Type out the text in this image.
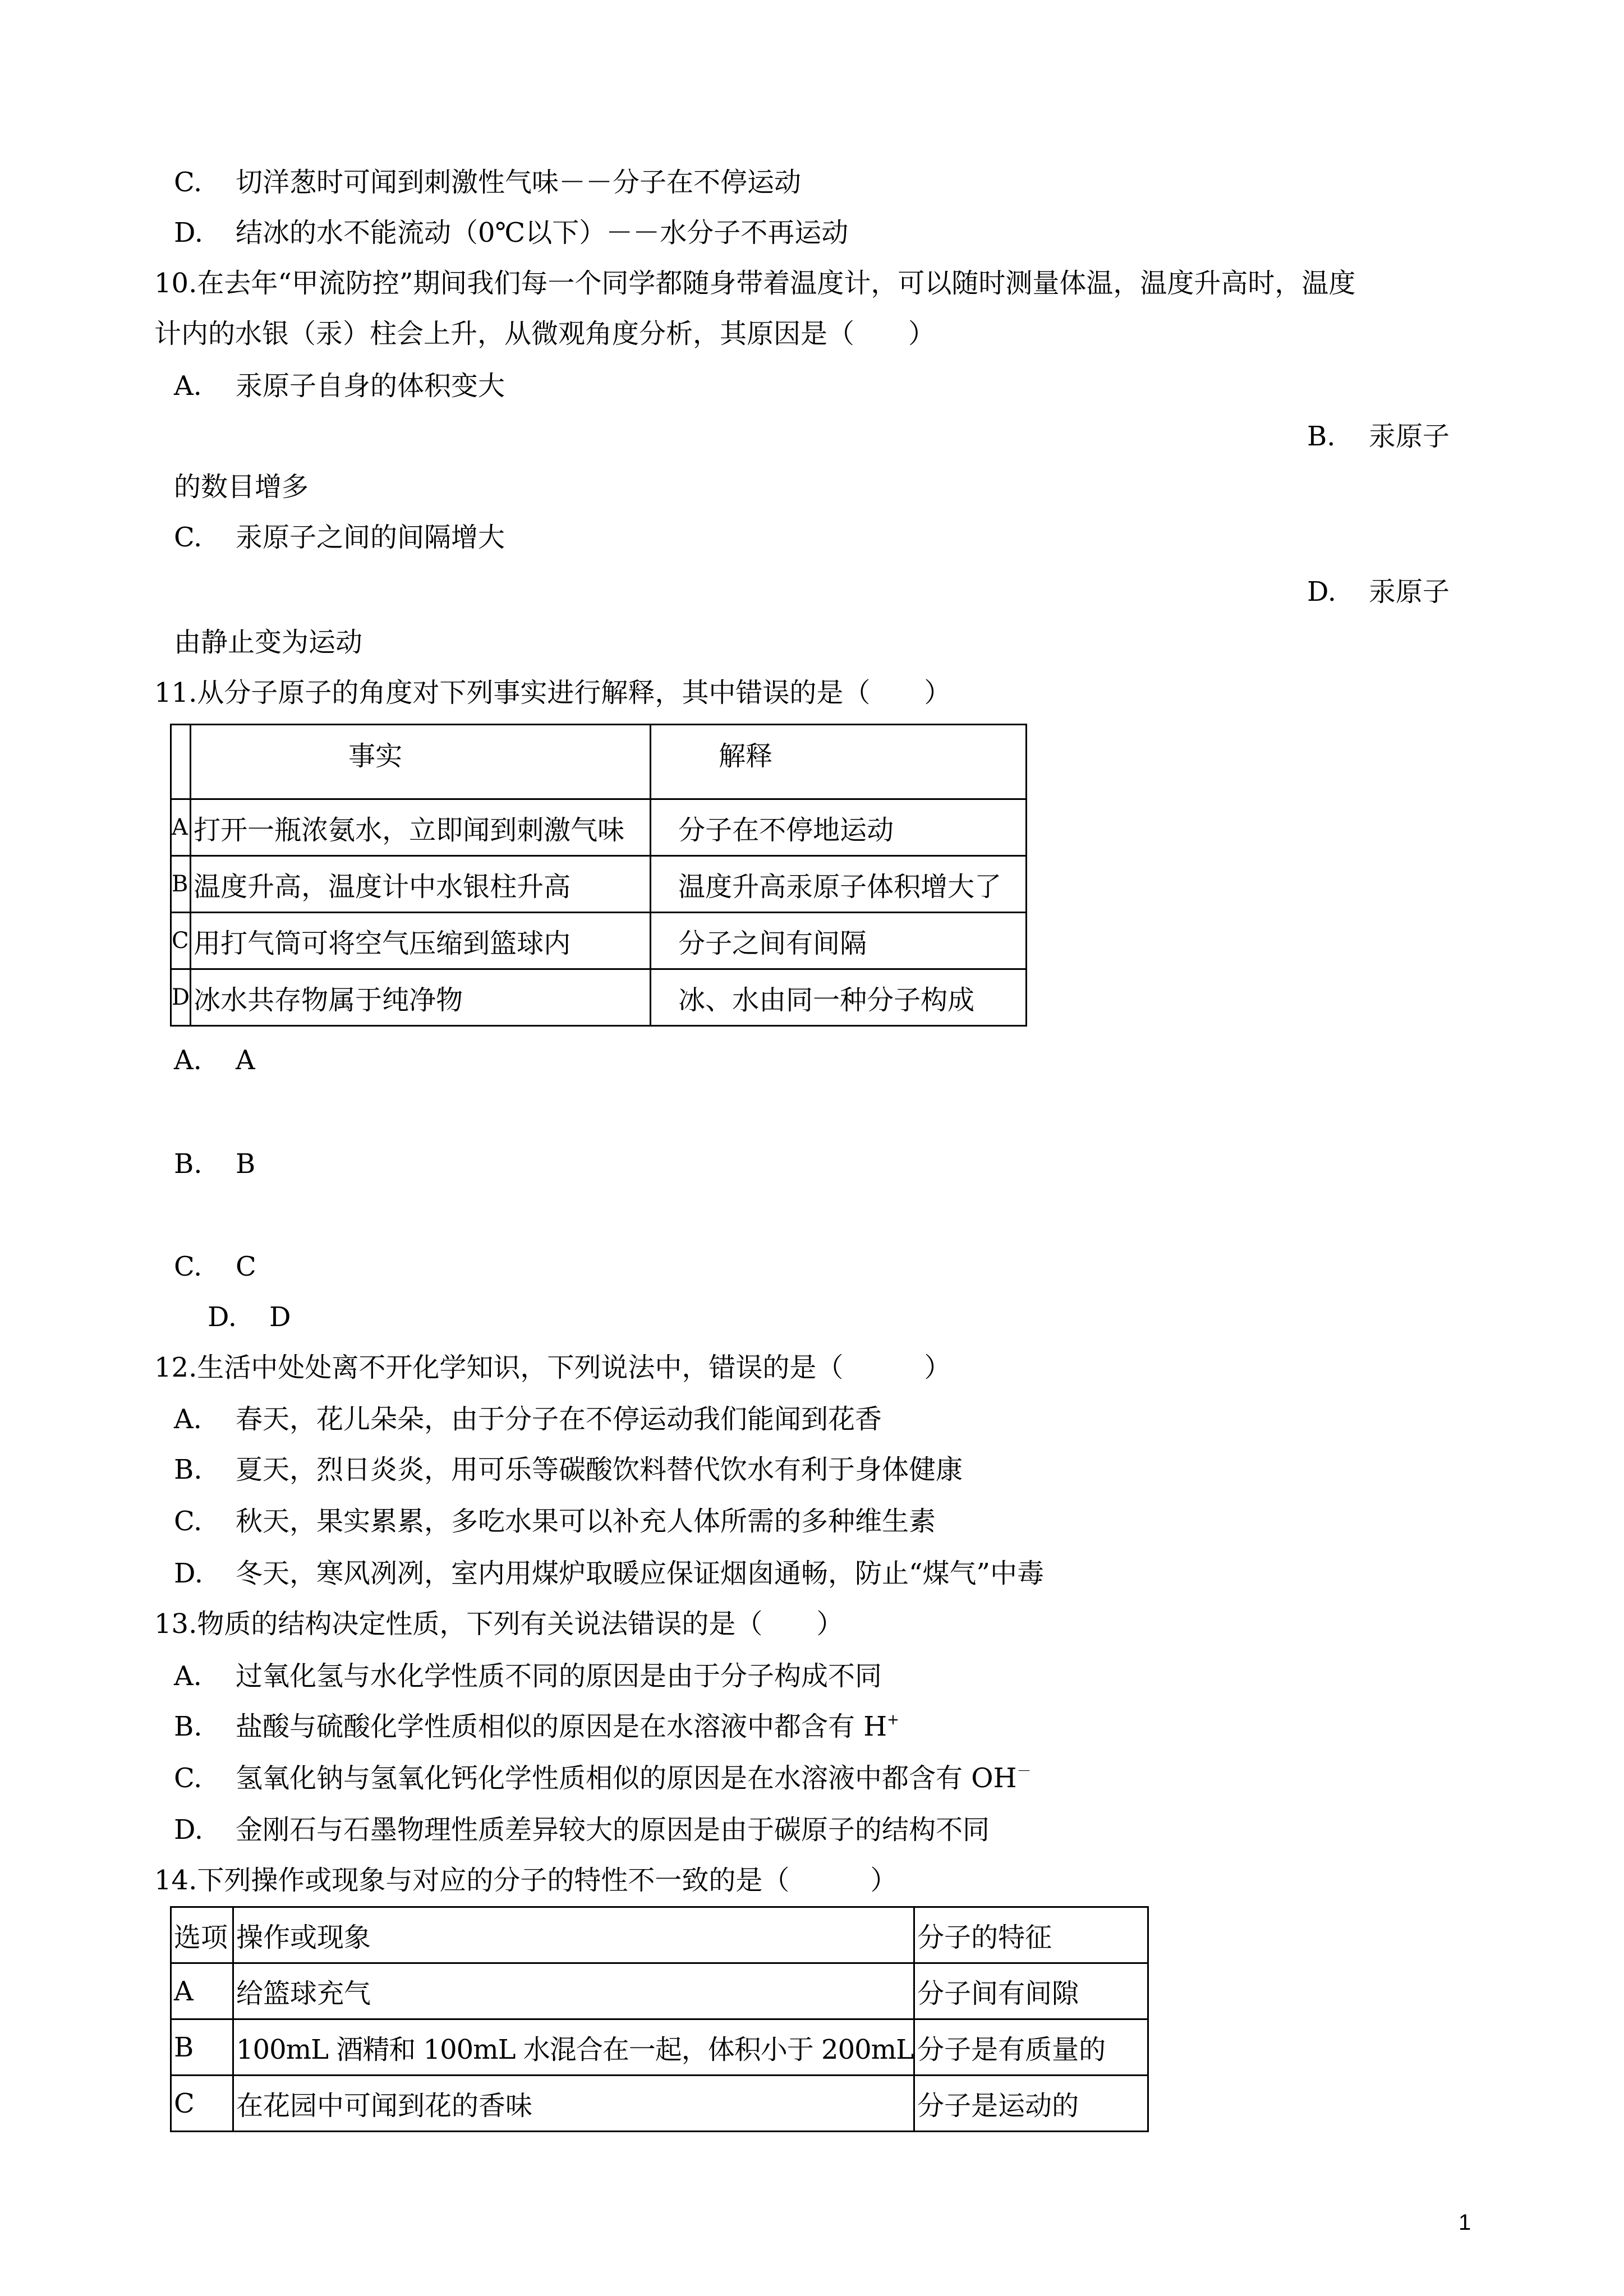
C. 切洋葱时可闻到刺激性气味－－分子在不停运动
D. 结冰的水不能流动（0℃以下）－－水分子不再运动
10.在去年“甲流防控”期间我们每一个同学都随身带着温度计，可以随时测量体温，温度升高时，温度
计内的水银（汞）柱会上升，从微观角度分析，其原因是（　　）
A. 汞原子自身的体积变大
B. 汞原子
的数目增多
C. 汞原子之间的间隔增大
D. 汞原子
由静止变为运动
11.从分子原子的角度对下列事实进行解释，其中错误的是（　　）
	事实	解释
A	打开一瓶浓氨水，立即闻到刺激气味	分子在不停地运动
B	温度升高，温度计中水银柱升高	温度升高汞原子体积增大了
C	用打气筒可将空气压缩到篮球内	分子之间有间隔
D	冰水共存物属于纯净物	冰、水由同一种分子构成
A. A
B. B
C. C
D. D
12.生活中处处离不开化学知识，下列说法中，错误的是（　　　）
A. 春天，花儿朵朵，由于分子在不停运动我们能闻到花香
B. 夏天，烈日炎炎，用可乐等碳酸饮料替代饮水有利于身体健康
C. 秋天，果实累累，多吃水果可以补充人体所需的多种维生素
D. 冬天，寒风冽冽，室内用煤炉取暖应保证烟囱通畅，防止“煤气”中毒
13.物质的结构决定性质，下列有关说法错误的是（　　）
A. 过氧化氢与水化学性质不同的原因是由于分子构成不同
B. 盐酸与硫酸化学性质相似的原因是在水溶液中都含有 H+
C. 氢氧化钠与氢氧化钙化学性质相似的原因是在水溶液中都含有 OH－
D. 金刚石与石墨物理性质差异较大的原因是由于碳原子的结构不同
14.下列操作或现象与对应的分子的特性不一致的是（　　　）
选项	操作或现象	分子的特征
A	给篮球充气	分子间有间隙
B	100mL 酒精和 100mL 水混合在一起，体积小于 200mL	分子是有质量的
C	在花园中可闻到花的香味	分子是运动的
1
